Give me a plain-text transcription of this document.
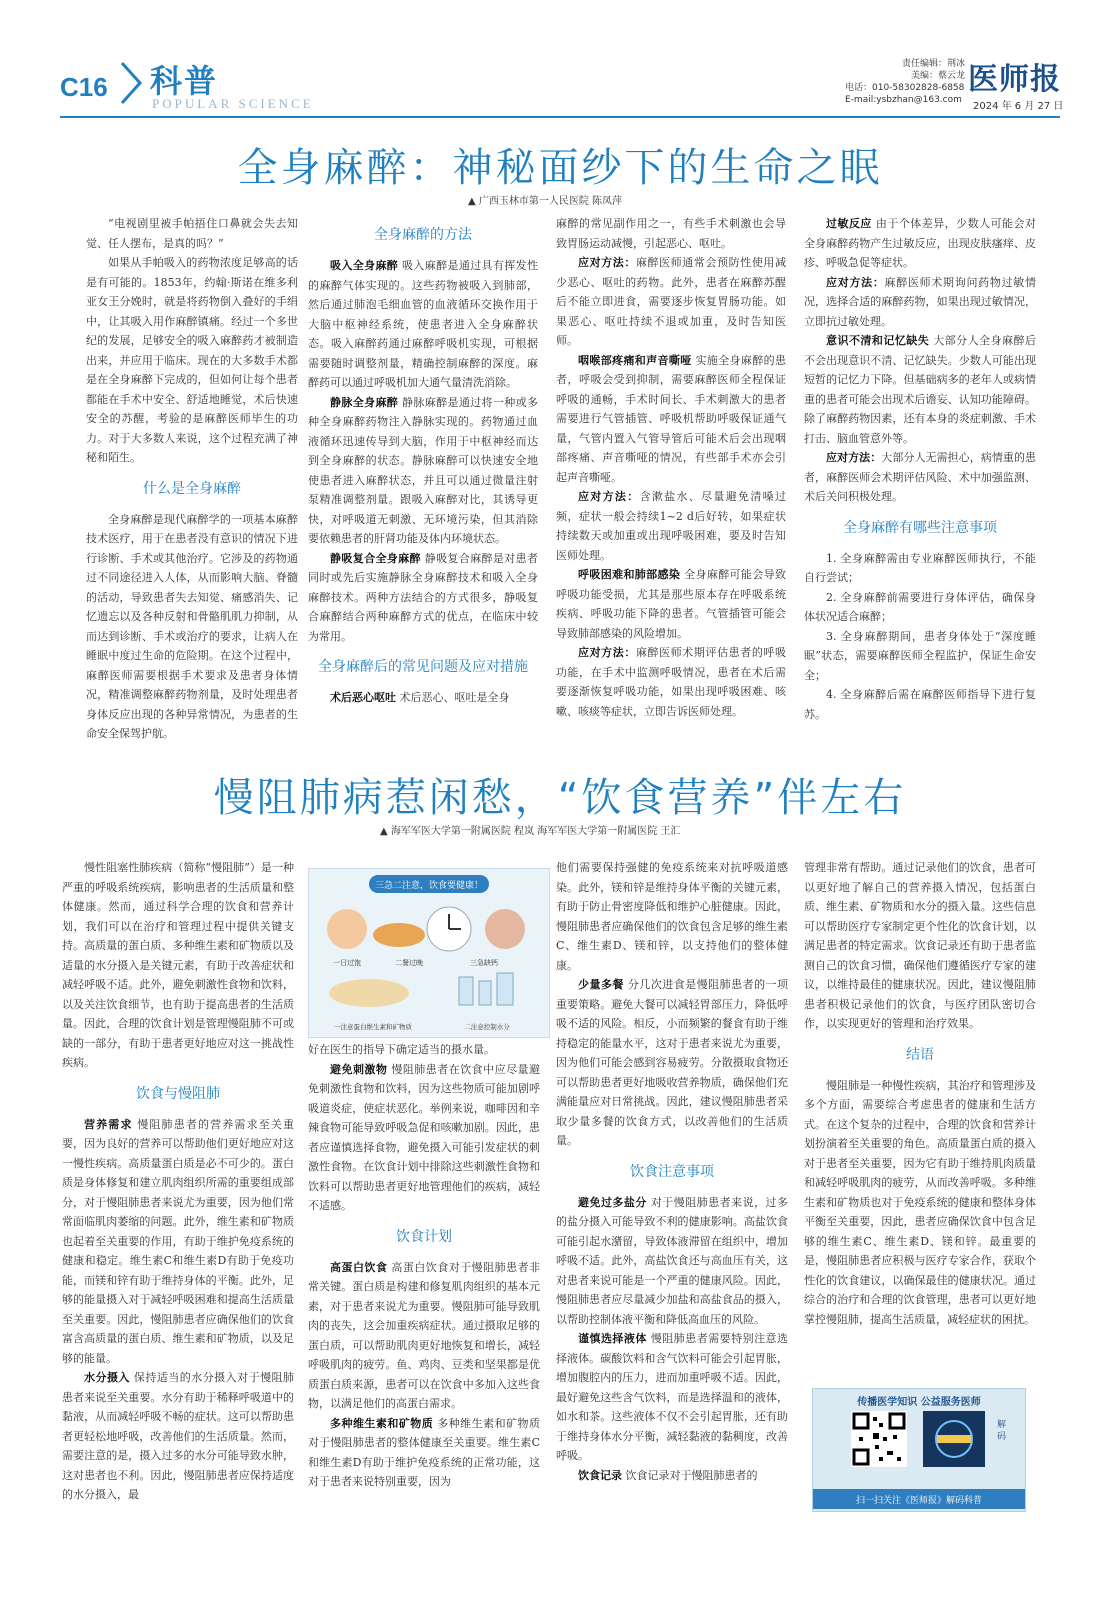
C16 科普
POPULAR SCIENCE
责任编辑：荆冰
美编：蔡云龙
电话：010-58302828-6858
E-mail:ysbzhan@163.com
医师报
2024 年 6 月 27 日
全身麻醉：神秘面纱下的生命之眠
▲ 广西玉林市第一人民医院 陈凤萍

“电视剧里被手帕捂住口鼻就会失去知觉、任人摆布，是真的吗？”

如果从手帕吸入的药物浓度足够高的话是有可能的。1853年，约翰·斯诺在维多利亚女王分娩时，就是将药物倒入叠好的手绢中，让其吸入用作麻醉镇痛。经过一个多世纪的发展，足够安全的吸入麻醉药才被制造出来，并应用于临床。现在的大多数手术都是在全身麻醉下完成的，但如何让每个患者都能在手术中安全、舒适地睡觉，术后快速安全的苏醒，考验的是麻醉医师毕生的功力。对于大多数人来说，这个过程充满了神秘和陌生。

什么是全身麻醉

全身麻醉是现代麻醉学的一项基本麻醉技术医疗，用于在患者没有意识的情况下进行诊断、手术或其他治疗。它涉及的药物通过不同途径进入人体，从而影响大脑、脊髓的活动，导致患者失去知觉、痛感消失、记忆遗忘以及各种反射和骨骼肌肌力抑制，从而达到诊断、手术或治疗的要求，让病人在睡眠中度过生命的危险期。在这个过程中，麻醉医师需要根据手术要求及患者身体情况，精准调整麻醉药物剂量，及时处理患者身体反应出现的各种异常情况，为患者的生命安全保驾护航。

全身麻醉的方法

吸入全身麻醉 吸入麻醉是通过具有挥发性的麻醉气体实现的。这些药物被吸入到肺部，然后通过肺泡毛细血管的血液循环交换作用于大脑中枢神经系统，使患者进入全身麻醉状态。吸入麻醉药通过麻醉呼吸机实现，可根据需要随时调整剂量，精确控制麻醉的深度。麻醉药可以通过呼吸机加大通气量清洗消除。

静脉全身麻醉 静脉麻醉是通过将一种或多种全身麻醉药物注入静脉实现的。药物通过血液循环迅速传导到大脑，作用于中枢神经而达到全身麻醉的状态。静脉麻醉可以快速安全地使患者进入麻醉状态，并且可以通过微量注射泵精准调整剂量。跟吸入麻醉对比，其诱导更快，对呼吸道无刺激、无环境污染，但其消除要依赖患者的肝肾功能及体内环境状态。

静吸复合全身麻醉 静吸复合麻醉是对患者同时或先后实施静脉全身麻醉技术和吸入全身麻醉技术。两种方法结合的方式很多，静吸复合麻醉结合两种麻醉方式的优点，在临床中较为常用。

全身麻醉后的常见问题及应对措施

术后恶心呕吐 术后恶心、呕吐是全身

麻醉的常见副作用之一，有些手术刺激也会导致胃肠运动减慢，引起恶心、呕吐。

应对方法：麻醉医师通常会预防性使用减少恶心、呕吐的药物。此外，患者在麻醉苏醒后不能立即进食，需要逐步恢复胃肠功能。如果恶心、呕吐持续不退或加重，及时告知医师。

咽喉部疼痛和声音嘶哑 实施全身麻醉的患者，呼吸会受到抑制，需要麻醉医师全程保证呼吸的通畅，手术时间长、手术刺激大的患者需要进行气管插管、呼吸机帮助呼吸保证通气量，气管内置入气管导管后可能术后会出现咽部疼痛、声音嘶哑的情况，有些部手术亦会引起声音嘶哑。

应对方法：含漱盐水、尽量避免清嗓过频，症状一般会持续1~2 d后好转，如果症状持续数天或加重或出现呼吸困难，要及时告知医师处理。

呼吸困难和肺部感染 全身麻醉可能会导致呼吸功能受损，尤其是那些原本存在呼吸系统疾病、呼吸功能下降的患者。气管插管可能会导致肺部感染的风险增加。

应对方法：麻醉医师术期评估患者的呼吸功能，在手术中监测呼吸情况，患者在术后需要逐渐恢复呼吸功能，如果出现呼吸困难、咳嗽、咳痰等症状，立即告诉医师处理。

过敏反应 由于个体差异，少数人可能会对全身麻醉药物产生过敏反应，出现皮肤瘙痒、皮疹、呼吸急促等症状。

应对方法：麻醉医师术期询问药物过敏情况，选择合适的麻醉药物，如果出现过敏情况，立即抗过敏处理。

意识不清和记忆缺失 大部分人全身麻醉后不会出现意识不清、记忆缺失。少数人可能出现短暂的记忆力下降。但基础病多的老年人或病情重的患者可能会出现术后谵妄、认知功能障碍。除了麻醉药物因素，还有本身的炎症刺激、手术打击、脑血管意外等。

应对方法：大部分人无需担心，病情重的患者，麻醉医师会术期评估风险、术中加强监测、术后关问积极处理。

全身麻醉有哪些注意事项

1. 全身麻醉需由专业麻醉医师执行，不能自行尝试；

2. 全身麻醉前需要进行身体评估，确保身体状况适合麻醉；

3. 全身麻醉期间，患者身体处于“深度睡眠”状态，需要麻醉医师全程监护，保证生命安全；

4. 全身麻醉后需在麻醉医师指导下进行复苏。

慢阻肺病惹闲愁，“饮食营养”伴左右
▲ 海军军医大学第一附属医院 程岚 海军军医大学第一附属医院 王汇

慢性阻塞性肺疾病（简称“慢阻肺”）是一种严重的呼吸系统疾病，影响患者的生活质量和整体健康。然而，通过科学合理的饮食和营养计划，我们可以在治疗和管理过程中提供关键支持。高质量的蛋白质、多种维生素和矿物质以及适量的水分摄入是关键元素，有助于改善症状和减轻呼吸不适。此外，避免刺激性食物和饮料，以及关注饮食细节，也有助于提高患者的生活质量。因此，合理的饮食计划是管理慢阻肺不可或缺的一部分，有助于患者更好地应对这一挑战性疾病。

饮食与慢阻肺

营养需求 慢阻肺患者的营养需求至关重要，因为良好的营养可以帮助他们更好地应对这一慢性疾病。高质量蛋白质是必不可少的。蛋白质是身体修复和建立肌肉组织所需的重要组成部分，对于慢阻肺患者来说尤为重要，因为他们常常面临肌肉萎缩的问题。此外，维生素和矿物质也起着至关重要的作用，有助于维护免疫系统的健康和稳定。维生素C和维生素D有助于免疫功能，而镁和锌有助于维持身体的平衡。此外，足够的能量摄入对于减轻呼吸困难和提高生活质量至关重要。因此，慢阻肺患者应确保他们的饮食富含高质量的蛋白质、维生素和矿物质，以及足够的能量。

水分摄入 保持适当的水分摄入对于慢阻肺患者来说至关重要。水分有助于稀释呼吸道中的黏液，从而减轻呼吸不畅的症状。这可以帮助患者更轻松地呼吸，改善他们的生活质量。然而，需要注意的是，摄入过多的水分可能导致水肿，这对患者也不利。因此，慢阻肺患者应保持适度的水分摄入，最

三急二注意，饮食要健康！
一日过饱	二餐过晚	三急缺钙
一注意蛋白维生素和矿物质	二注意控制水分

好在医生的指导下确定适当的摄水量。

避免刺激物 慢阻肺患者在饮食中应尽量避免刺激性食物和饮料，因为这些物质可能加剧呼吸道炎症，使症状恶化。举例来说，咖啡因和辛辣食物可能导致呼吸急促和咳嗽加剧。因此，患者应谨慎选择食物，避免摄入可能引发症状的刺激性食物。在饮食计划中排除这些刺激性食物和饮料可以帮助患者更好地管理他们的疾病，减轻不适感。

饮食计划

高蛋白饮食 高蛋白饮食对于慢阻肺患者非常关键。蛋白质是构建和修复肌肉组织的基本元素，对于患者来说尤为重要。慢阻肺可能导致肌肉的丧失，这会加重疾病症状。通过摄取足够的蛋白质，可以帮助肌肉更好地恢复和增长，减轻呼吸肌肉的疲劳。鱼、鸡肉、豆类和坚果都是优质蛋白质来源，患者可以在饮食中多加入这些食物，以满足他们的高蛋白需求。

多种维生素和矿物质 多种维生素和矿物质对于慢阻肺患者的整体健康至关重要。维生素C和维生素D有助于维护免疫系统的正常功能，这对于患者来说特别重要，因为

他们需要保持强健的免疫系统来对抗呼吸道感染。此外，镁和锌是维持身体平衡的关键元素，有助于防止骨密度降低和维护心脏健康。因此，慢阻肺患者应确保他们的饮食包含足够的维生素C、维生素D、镁和锌，以支持他们的整体健康。

少量多餐 分几次进食是慢阻肺患者的一项重要策略。避免大餐可以减轻胃部压力，降低呼吸不适的风险。相反，小而频繁的餐食有助于维持稳定的能量水平，这对于患者来说尤为重要，因为他们可能会感到容易疲劳。分散摄取食物还可以帮助患者更好地吸收营养物质，确保他们充满能量应对日常挑战。因此，建议慢阻肺患者采取少量多餐的饮食方式，以改善他们的生活质量。

饮食注意事项

避免过多盐分 对于慢阻肺患者来说，过多的盐分摄入可能导致不利的健康影响。高盐饮食可能引起水潴留，导致体液滞留在组织中，增加呼吸不适。此外，高盐饮食还与高血压有关，这对患者来说可能是一个严重的健康风险。因此，慢阻肺患者应尽量减少加盐和高盐食品的摄入，以帮助控制体液平衡和降低高血压的风险。

谨慎选择液体 慢阻肺患者需要特别注意选择液体。碳酸饮料和含气饮料可能会引起胃胀，增加腹腔内的压力，进而加重呼吸不适。因此，最好避免这些含气饮料，而是选择温和的液体，如水和茶。这些液体不仅不会引起胃胀，还有助于维持身体水分平衡，减轻黏液的黏稠度，改善呼吸。

饮食记录 饮食记录对于慢阻肺患者的

管理非常有帮助。通过记录他们的饮食，患者可以更好地了解自己的营养摄入情况，包括蛋白质、维生素、矿物质和水分的摄入量。这些信息可以帮助医疗专家制定更个性化的饮食计划，以满足患者的特定需求。饮食记录还有助于患者监测自己的饮食习惯，确保他们遵循医疗专家的建议，以维持最佳的健康状况。因此，建议慢阻肺患者积极记录他们的饮食，与医疗团队密切合作，以实现更好的管理和治疗效果。

结语

慢阻肺是一种慢性疾病，其治疗和管理涉及多个方面，需要综合考虑患者的健康和生活方式。在这个复杂的过程中，合理的饮食和营养计划扮演着至关重要的角色。高质量蛋白质的摄入对于患者至关重要，因为它有助于维持肌肉质量和减轻呼吸肌肉的疲劳，从而改善呼吸。多种维生素和矿物质也对于免疫系统的健康和整体身体平衡至关重要，因此，患者应确保饮食中包含足够的维生素C、维生素D、镁和锌。最重要的是，慢阻肺患者应积极与医疗专家合作，获取个性化的饮食建议，以确保最佳的健康状况。通过综合的治疗和合理的饮食管理，患者可以更好地掌控慢阻肺，提高生活质量，减轻症状的困扰。

传播医学知识 公益服务医师
解码
扫一扫关注《医师报》解码科普
